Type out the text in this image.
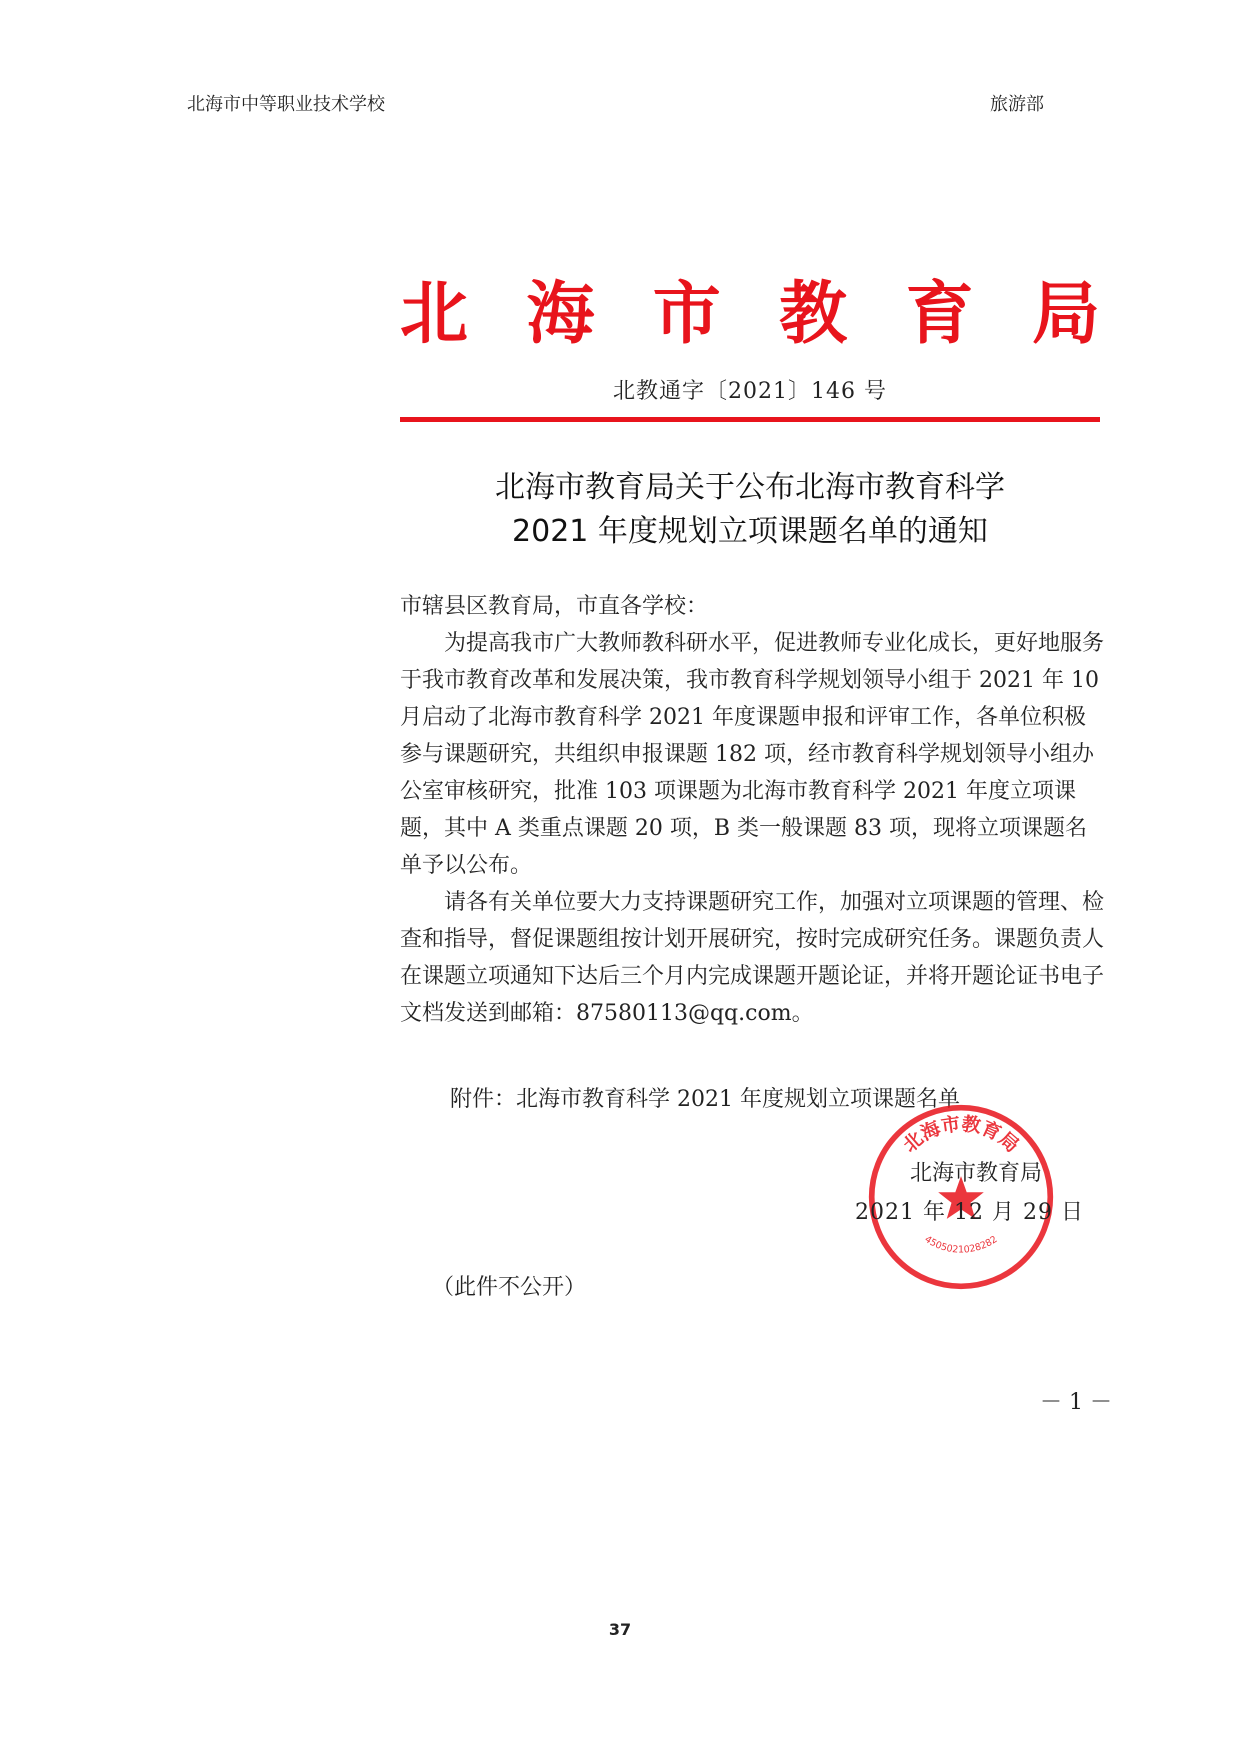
北海市中等职业技术学校	旅游部
北 海 市 教 育 局
北教通字〔2021〕146 号
北海市教育局关于公布北海市教育科学
2021 年度规划立项课题名单的通知

市辖县区教育局，市直各学校：

为提高我市广大教师教科研水平，促进教师专业化成长，更好地服务于我市教育改革和发展决策，我市教育科学规划领导小组于 2021 年 10 月启动了北海市教育科学 2021 年度课题申报和评审工作，各单位积极参与课题研究，共组织申报课题 182 项，经市教育科学规划领导小组办公室审核研究，批准 103 项课题为北海市教育科学 2021 年度立项课题，其中 A 类重点课题 20 项，B 类一般课题 83 项，现将立项课题名单予以公布。

请各有关单位要大力支持课题研究工作，加强对立项课题的管理、检查和指导，督促课题组按计划开展研究，按时完成研究任务。课题负责人在课题立项通知下达后三个月内完成课题开题论证，并将开题论证书电子文档发送到邮箱：87580113@qq.com。

附件：北海市教育科学 2021 年度规划立项课题名单
北海市教育局
4505021028282
北海市教育局
2021 年 12 月 29 日
（此件不公开）
－ 1 －
37
